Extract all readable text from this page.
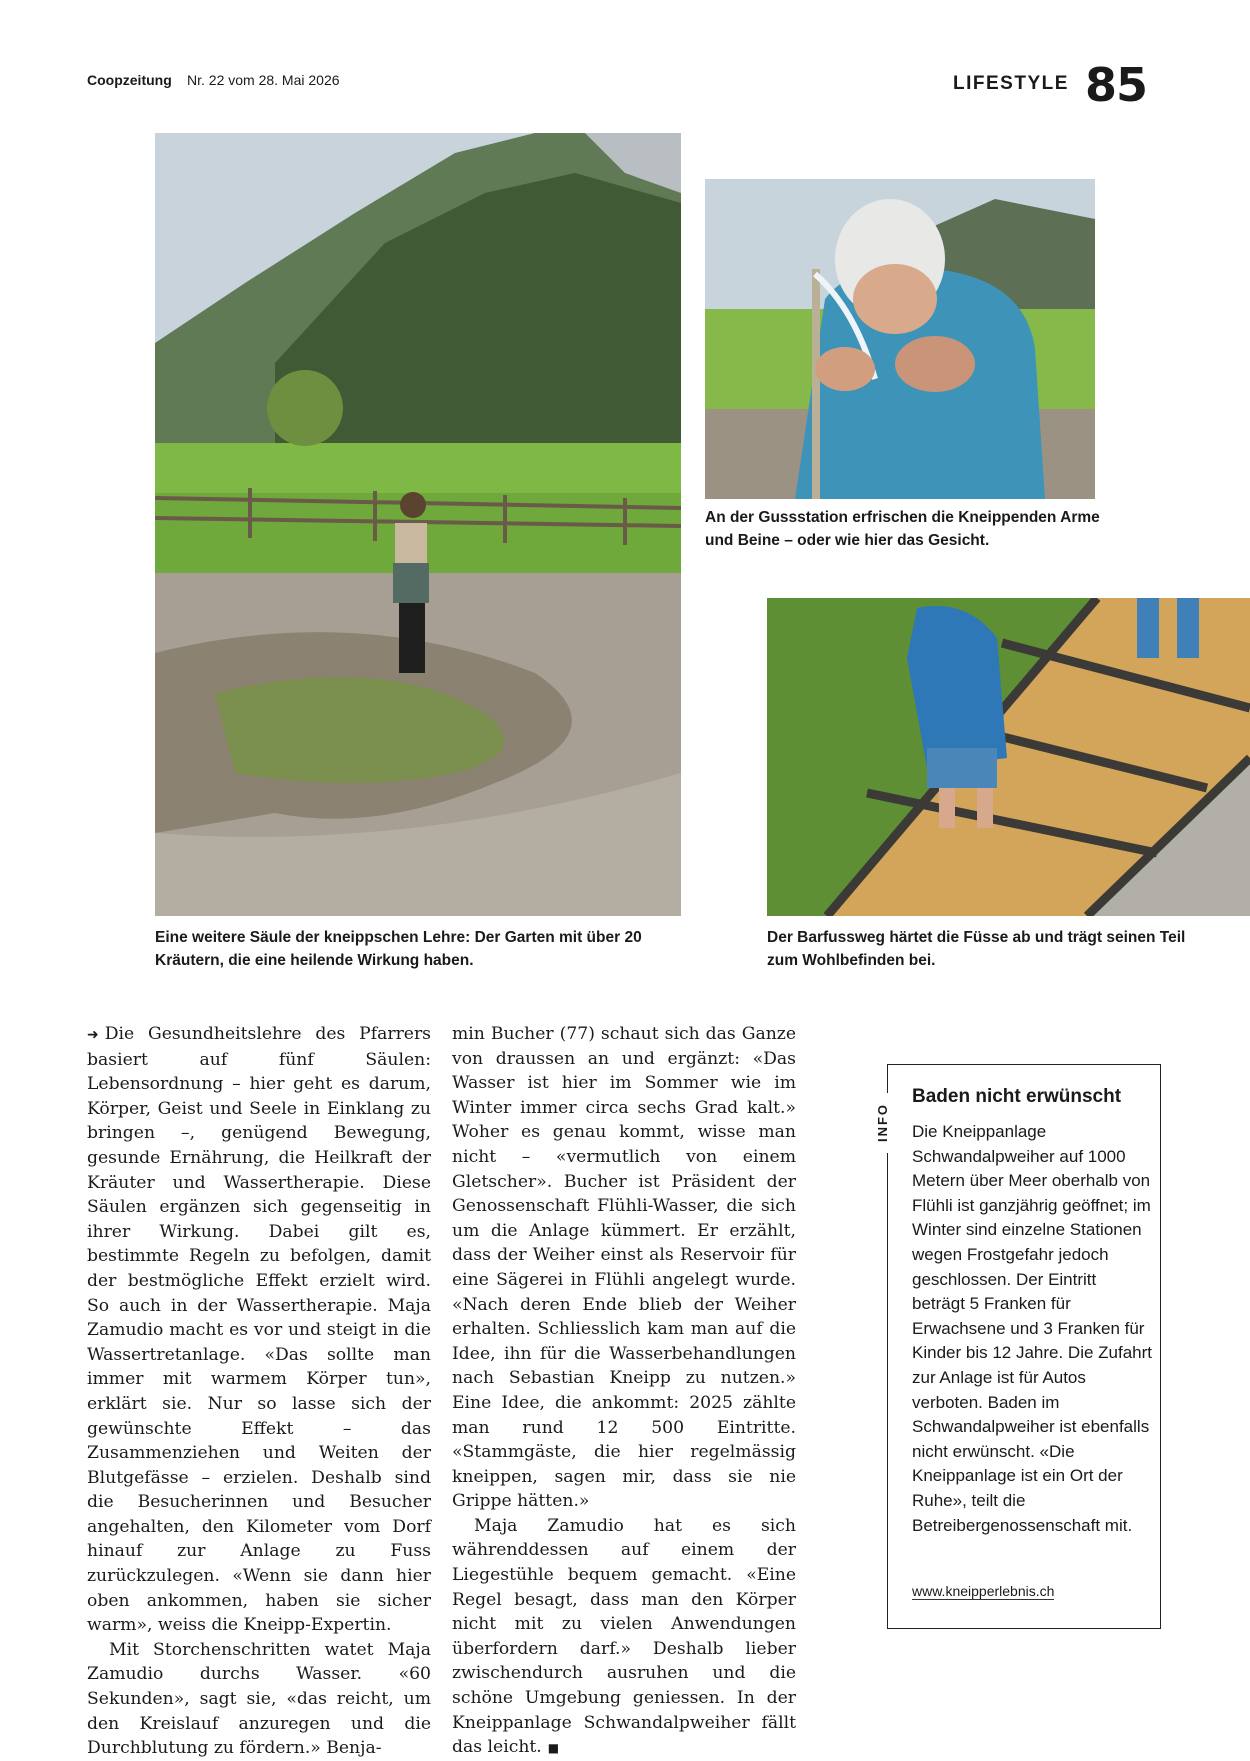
Coopzeitung Nr. 22 vom 28. Mai 2026	LIFESTYLE 85
Eine weitere Säule der kneippschen Lehre: Der Garten mit über 20 Kräutern, die eine heilende Wirkung haben.
An der Gussstation erfrischen die Kneippenden Arme und Beine – oder wie hier das Gesicht.
Der Barfussweg härtet die Füsse ab und trägt seinen Teil zum Wohlbefinden bei.

➜ Die Gesundheitslehre des Pfarrers basiert auf fünf Säulen: Lebensordnung – hier geht es darum, Körper, Geist und Seele in Einklang zu bringen –, genügend Bewegung, gesunde Ernährung, die Heilkraft der Kräuter und Wassertherapie. Diese Säulen ergänzen sich gegenseitig in ihrer Wirkung. Dabei gilt es, bestimmte Regeln zu befolgen, damit der bestmögliche Effekt erzielt wird. So auch in der Wassertherapie. Maja Zamudio macht es vor und steigt in die Wassertretanlage. «Das sollte man immer mit warmem Körper tun», erklärt sie. Nur so lasse sich der gewünschte Effekt – das Zusammenziehen und Weiten der Blutgefässe – erzielen. Deshalb sind die Besucherinnen und Besucher angehalten, den Kilometer vom Dorf hinauf zur Anlage zu Fuss zurückzulegen. «Wenn sie dann hier oben ankommen, haben sie sicher warm», weiss die Kneipp-Expertin.

Mit Storchenschritten watet Maja Zamudio durchs Wasser. «60 Sekunden», sagt sie, «das reicht, um den Kreislauf anzuregen und die Durchblutung zu fördern.» Benja-

min Bucher (77) schaut sich das Ganze von draussen an und ergänzt: «Das Wasser ist hier im Sommer wie im Winter immer circa sechs Grad kalt.» Woher es genau kommt, wisse man nicht – «vermutlich von einem Gletscher». Bucher ist Präsident der Genossenschaft Flühli-Wasser, die sich um die Anlage kümmert. Er erzählt, dass der Weiher einst als Reservoir für eine Sägerei in Flühli angelegt wurde. «Nach deren Ende blieb der Weiher erhalten. Schliesslich kam man auf die Idee, ihn für die Wasserbehandlungen nach Sebastian Kneipp zu nutzen.» Eine Idee, die ankommt: 2025 zählte man rund 12 500 Eintritte. «Stammgäste, die hier regelmässig kneippen, sagen mir, dass sie nie Grippe hätten.»

Maja Zamudio hat es sich währenddessen auf einem der Liegestühle bequem gemacht. «Eine Regel besagt, dass man den Körper nicht mit zu vielen Anwendungen überfordern darf.» Deshalb lieber zwischendurch ausruhen und die schöne Umgebung geniessen. In der Kneippanlage Schwandalpweiher fällt das leicht. ■

INFO
Baden nicht erwünscht
Die Kneippanlage Schwandalpweiher auf 1000 Metern über Meer oberhalb von Flühli ist ganzjährig geöffnet; im Winter sind einzelne Stationen wegen Frostgefahr jedoch geschlossen. Der Eintritt beträgt 5 Franken für Erwachsene und 3 Franken für Kinder bis 12 Jahre. Die Zufahrt zur Anlage ist für Autos verboten. Baden im Schwandalpweiher ist ebenfalls nicht erwünscht. «Die Kneippanlage ist ein Ort der Ruhe», teilt die Betreibergenossenschaft mit.
www.kneipperlebnis.ch
